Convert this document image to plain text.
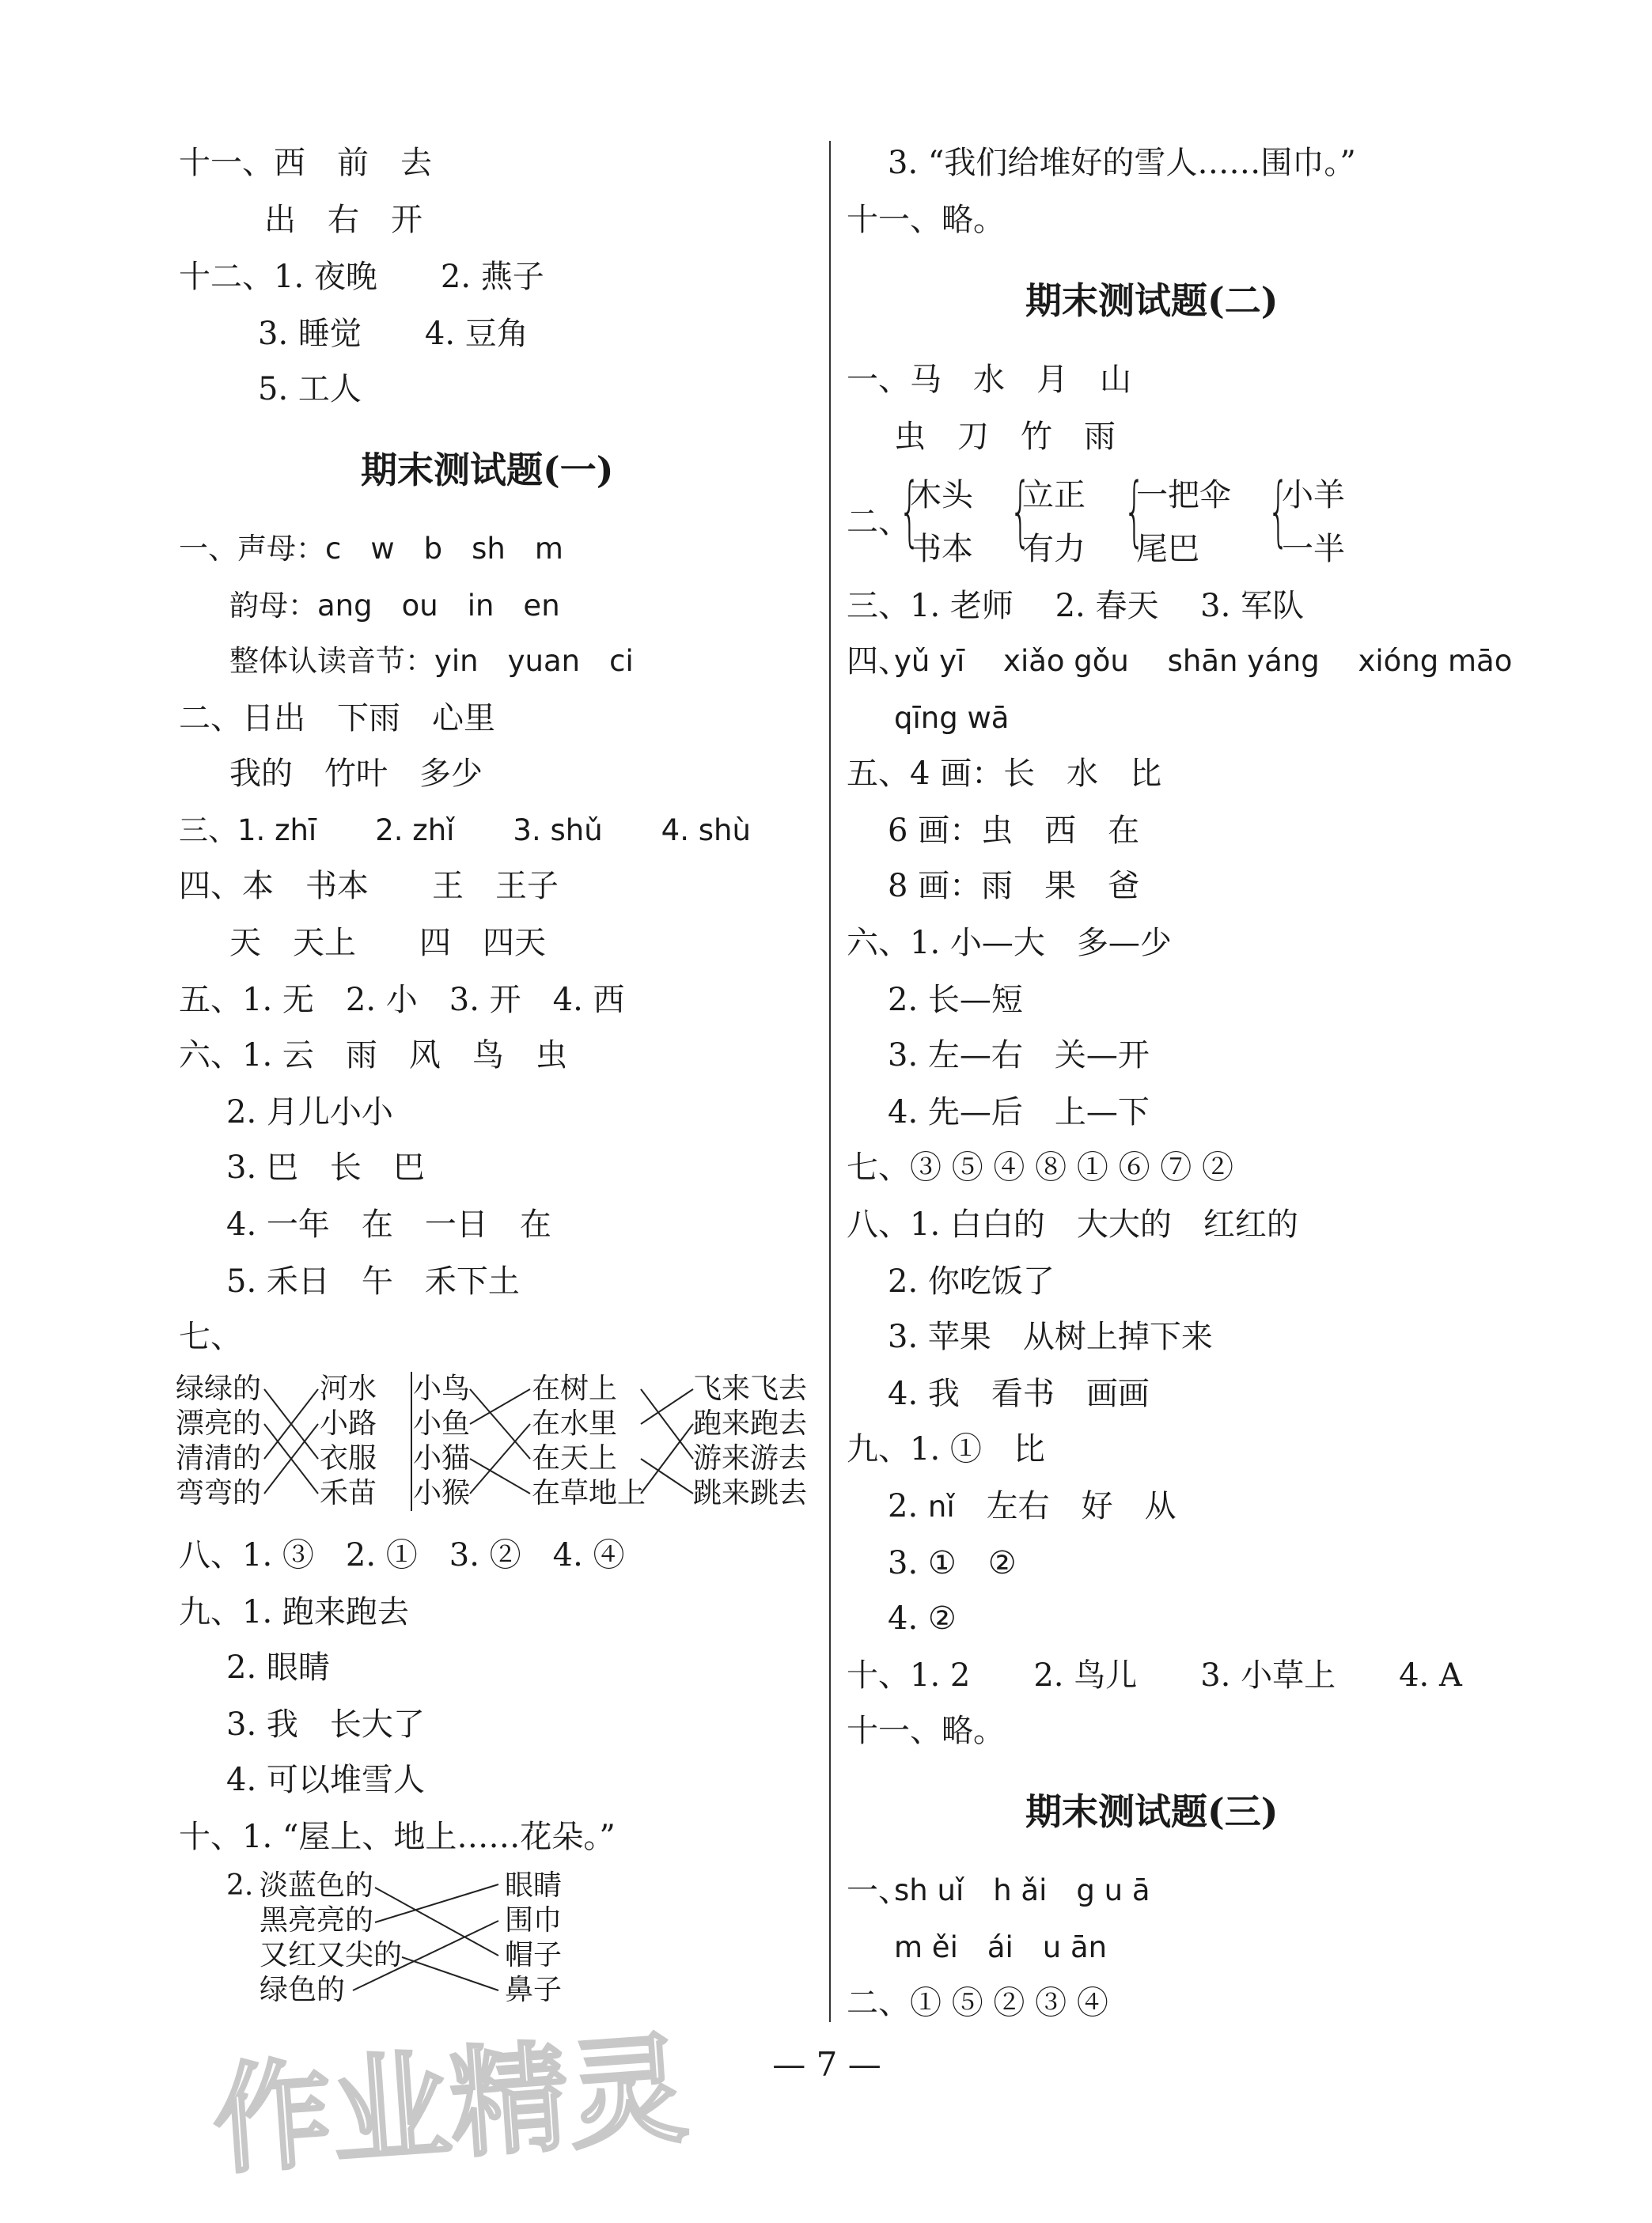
十一、西　前　去
出　右　开
十二、1. 夜晚　　2. 燕子
3. 睡觉　　4. 豆角
5. 工人
期末测试题(一)
一、声母：c　w　b　sh　m
韵母：ang　ou　in　en
整体认读音节：yin　yuan　ci
二、日出　下雨　心里
我的　竹叶　多少
三、1. zhī　　2. zhǐ　　3. shǔ　　4. shù
四、本　书本　　王　王子
天　天上　　四　四天
五、1. 无　2. 小　3. 开　4. 西
六、1. 云　雨　风　鸟　虫
2. 月儿小小
3. 巴　长　巴
4. 一年　在　一日　在
5. 禾日　午　禾下土
七、
绿绿的
漂亮的
清清的
弯弯的
河水
小路
衣服
禾苗
小鸟
小鱼
小猫
小猴
在树上
在水里
在天上
在草地上
飞来飞去
跑来跑去
游来游去
跳来跳去
八、1. ③　2. ①　3. ②　4. ④
九、1. 跑来跑去
2. 眼睛
3. 我　长大了
4. 可以堆雪人
十、1. “屋上、地上……花朵。”
2. 淡蓝色的
黑亮亮的
又红又尖的
绿色的
眼睛
围巾
帽子
鼻子
3. “我们给堆好的雪人……围巾。”
十一、略。
期末测试题(二)
一、马　水　月　山
虫　刀　竹　雨
二、
{
木头
书本 {
立正
有力 {
一把伞
尾巴 {
小羊
一半
三、1. 老师　 2. 春天　 3. 军队
四、
yǔ yī　 xiǎo gǒu　 shān yáng　 xióng māo
qīng wā
五、4 画：长　水　比
6 画：虫　西　在
8 画：雨　果　爸
六、1. 小—大　多—少
2. 长—短
3. 左—右　关—开
4. 先—后　上—下
七、③ ⑤ ④ ⑧ ① ⑥ ⑦ ②
八、1. 白白的　大大的　红红的
2. 你吃饭了
3. 苹果　从树上掉下来
4. 我　看书　画画
九、1. ①　比
2. nǐ　左右　好　从
3. ①　②
4. ②
十、1. 2　　2. 鸟儿　　3. 小草上　　4. A
十一、略。
期末测试题(三)
一、
sh uǐ　h ǎi　g u ā
m ěi　ái　u ān
二、① ⑤ ② ③ ④
— 7 —
作业精灵
